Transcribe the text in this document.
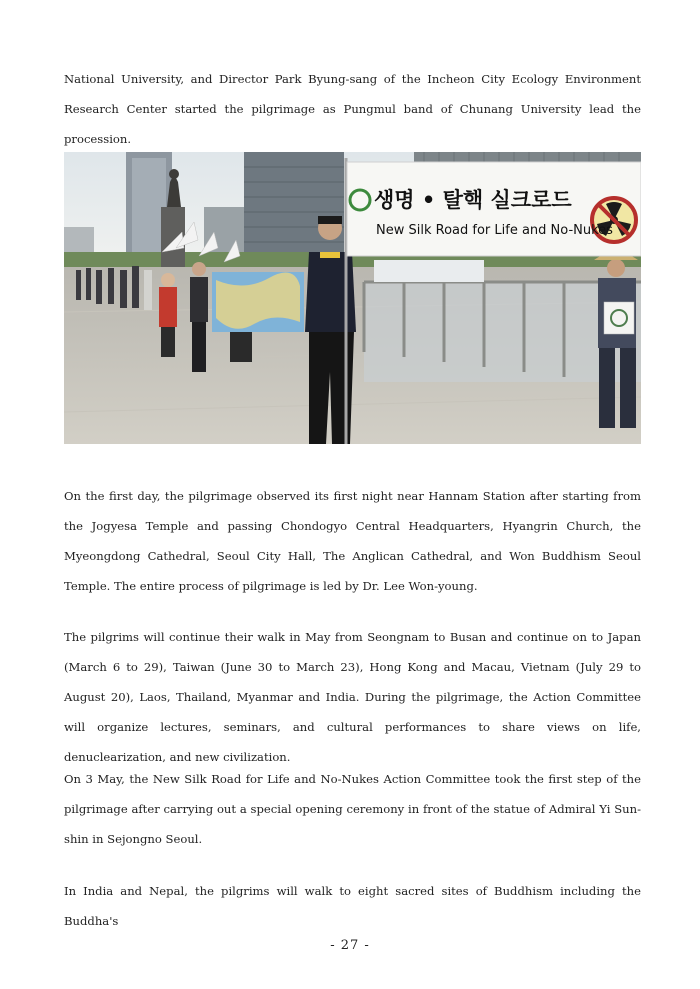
National University, and Director Park Byung-sang of the Incheon City Ecology Environment Research Center started the pilgrimage as Pungmul band of Chunang University lead the procession.

생명 • 탈핵 실크로드
New Silk Road for Life and No-Nukes

On the first day, the pilgrimage observed its first night near Hannam Station after starting from the Jogyesa Temple and passing Chondogyo Central Headquarters, Hyangrin Church, the Myeongdong Cathedral, Seoul City Hall, The Anglican Cathedral, and Won Buddhism Seoul Temple. The entire process of pilgrimage is led by Dr. Lee Won-young.

The pilgrims will continue their walk in May from Seongnam to Busan and continue on to Japan (March 6 to 29), Taiwan (June 30 to March 23), Hong Kong and Macau, Vietnam (July 29 to August 20), Laos, Thailand, Myanmar and India. During the pilgrimage, the Action Committee will organize lectures, seminars, and cultural performances to share views on life, denuclearization, and new civilization.

On 3 May, the New Silk Road for Life and No-Nukes Action Committee took the first step of the pilgrimage after carrying out a special opening ceremony in front of the statue of Admiral Yi Sun-shin in Sejongno Seoul.

In India and Nepal, the pilgrims will walk to eight sacred sites of Buddhism including the Buddha's

- 27 -
